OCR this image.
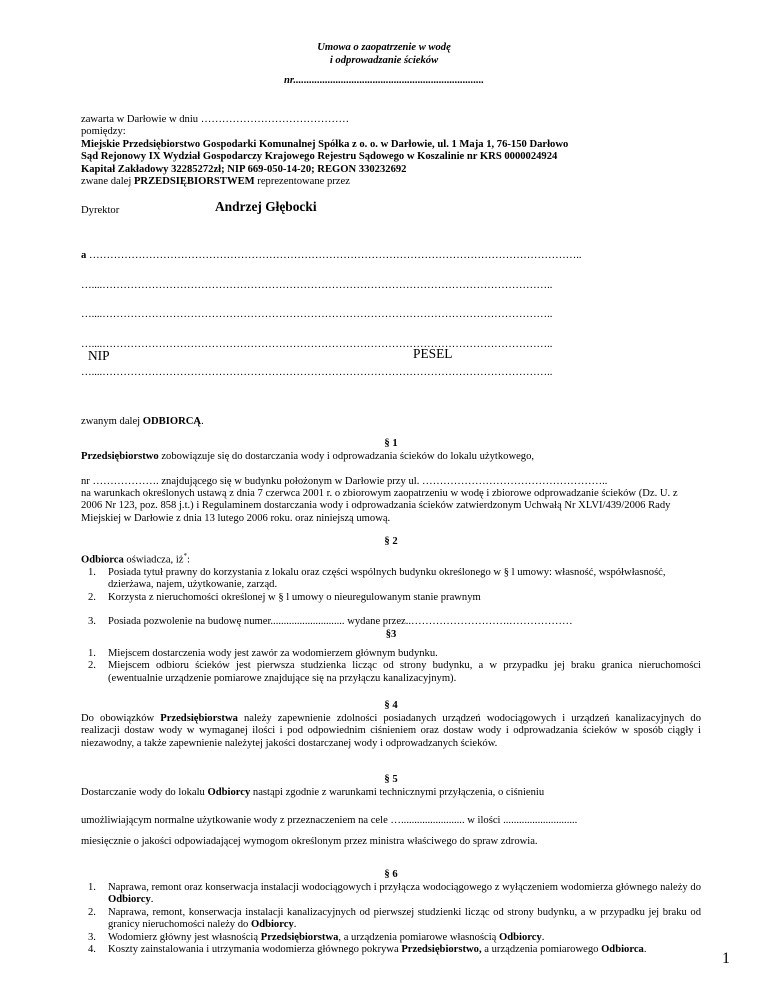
Umowa o zaopatrzenie w wodę
i odprowadzanie ścieków
nr........................................................................
zawarta w Darłowie w dniu ……………………………………
pomiędzy:
Miejskie Przedsiębiorstwo Gospodarki Komunalnej Spółka z o. o. w Darłowie, ul. 1 Maja 1, 76-150 Darłowo
Sąd Rejonowy IX Wydział Gospodarczy Krajowego Rejestru Sądowego w Koszalinie nr KRS 0000024924
Kapitał Zakładowy 32285272zł; NIP 669-050-14-20; REGON 330232692
zwane dalej PRZEDSIĘBIORSTWEM reprezentowane przez
Dyrektor	Andrzej Głębocki
a …………………………………………………………………………………………………………………………..
…....………………………………………………………………………………………………………………..
…....………………………………………………………………………………………………………………..
…....………………………………………………………………………………………………………………..
NIP	PESEL
…....………………………………………………………………………………………………………………..
zwanym dalej ODBIORCĄ.
§ 1
Przedsiębiorstwo zobowiązuje się do dostarczania wody i odprowadzania ścieków do lokalu użytkowego,
nr ………………. znajdującego się w budynku położonym w Darłowie przy ul. ……………………………………………..
na warunkach określonych ustawą z dnia 7 czerwca 2001 r. o zbiorowym zaopatrzeniu w wodę i zbiorowe odprowadzanie ścieków (Dz. U. z 2006 Nr 123, poz. 858 j.t.) i Regulaminem dostarczania wody i odprowadzania ścieków zatwierdzonym Uchwałą Nr XLVI/439/2006 Rady Miejskiej w Darłowie z dnia 13 lutego 2006 roku. oraz niniejszą umową.
§ 2
Odbiorca oświadcza, iż*:
1. Posiada tytuł prawny do korzystania z lokalu oraz części wspólnych budynku określonego w § l umowy: własność, współwłasność, dzierżawa, najem, użytkowanie, zarząd.
2. Korzysta z nieruchomości określonej w § l umowy o nieuregulowanym stanie prawnym
3. Posiada pozwolenie na budowę numer............................ wydane przez..……………………….………………
§3
1. Miejscem dostarczenia wody jest zawór za wodomierzem głównym budynku.
2. Miejscem odbioru ścieków jest pierwsza studzienka licząc od strony budynku, a w przypadku jej braku granica nieruchomości (ewentualnie urządzenie pomiarowe znajdujące się na przyłączu kanalizacyjnym).
§ 4
Do obowiązków Przedsiębiorstwa należy zapewnienie zdolności posiadanych urządzeń wodociągowych i urządzeń kanalizacyjnych do realizacji dostaw wody w wymaganej ilości i pod odpowiednim ciśnieniem oraz dostaw wody i odprowadzania ścieków w sposób ciągły i niezawodny, a także zapewnienie należytej jakości dostarczanej wody i odprowadzanych ścieków.
§ 5
Dostarczanie wody do lokalu Odbiorcy nastąpi zgodnie z warunkami technicznymi przyłączenia, o ciśnieniu
umożliwiającym normalne użytkowanie wody z przeznaczeniem na cele …........................ w ilości ............................
miesięcznie o jakości odpowiadającej wymogom określonym przez ministra właściwego do spraw zdrowia.
§ 6
1. Naprawa, remont oraz konserwacja instalacji wodociągowych i przyłącza wodociągowego z wyłączeniem wodomierza głównego należy do Odbiorcy.
2. Naprawa, remont, konserwacja instalacji kanalizacyjnych od pierwszej studzienki licząc od strony budynku, a w przypadku jej braku od granicy nieruchomości należy do Odbiorcy.
3. Wodomierz główny jest własnością Przedsiębiorstwa, a urządzenia pomiarowe własnością Odbiorcy.
4. Koszty zainstalowania i utrzymania wodomierza głównego pokrywa Przedsiębiorstwo, a urządzenia pomiarowego Odbiorca.
1
